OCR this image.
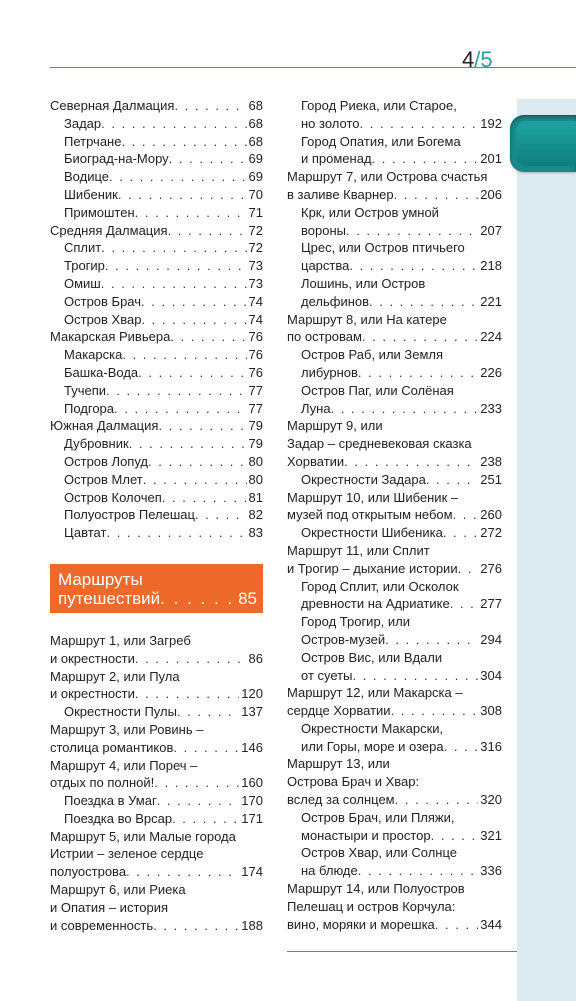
4/5
Северная Далмация . . .	68
Задар . . .	68
Петрчане . . .	68
Биоград-на-Мору . . .	69
Водице . . .	69
Шибеник . . .	70
Примоштен . . .	71
Средняя Далмация . . .	72
Сплит . . .	72
Трогир . . .	73
Омиш . . .	73
Остров Брач . . .	74
Остров Хвар . . .	74
Макарская Ривьера . . .	76
Макарска . . .	76
Башка-Вода . . .	76
Тучепи . . .	77
Подгора . . .	77
Южная Далмация . . .	79
Дубровник . . .	79
Остров Лопуд . . .	80
Остров Млет . . .	80
Остров Колочеп . . .	81
Полуостров Пелешац . . .	82
Цавтат . . .	83
Маршруты
путешествий . . .	85
Маршрут 1, или Загреб
и окрестности . . .	86
Маршрут 2, или Пула
и окрестности . . .	120
Окрестности Пулы . . .	137
Маршрут 3, или Ровинь –
столица романтиков . . .	146
Маршрут 4, или Пореч –
отдых по полной! . . .	160
Поездка в Умаг . . .	170
Поездка во Врсар . . .	171
Маршрут 5, или Малые города
Истрии – зеленое сердце
полуострова . . .	174
Маршрут 6, или Риека
и Опатия – история
и современность . . .	188
Город Риека, или Старое,
но золото . . .	192
Город Опатия, или Богема
и променад . . .	201
Маршрут 7, или Острова счастья
в заливе Кварнер . . .	206
Крк, или Остров умной
вороны . . .	207
Црес, или Остров птичьего
царства . . .	218
Лошинь, или Остров
дельфинов . . .	221
Маршрут 8, или На катере
по островам . . .	224
Остров Раб, или Земля
либурнов . . .	226
Остров Паг, или Солёная
Луна . . .	233
Маршрут 9, или
Задар – средневековая сказка
Хорватии . . .	238
Окрестности Задара . . .	251
Маршрут 10, или Шибеник –
музей под открытым небом . . . 260
Окрестности Шибеника . . .	272
Маршрут 11, или Сплит
и Трогир – дыхание истории . . . 276
Город Сплит, или Осколок
древности на Адриатике . . . 277
Город Трогир, или
Остров-музей . . .	294
Остров Вис, или Вдали
от суеты . . .	304
Маршрут 12, или Макарска –
сердце Хорватии . . .	308
Окрестности Макарски,
или Горы, море и озера . . .	316
Маршрут 13, или
Острова Брач и Хвар:
вслед за солнцем . . .	320
Остров Брач, или Пляжи,
монастыри и простор . . .	321
Остров Хвар, или Солнце
на блюде . . .	336
Маршрут 14, или Полуостров
Пелешац и остров Корчула:
вино, моряки и морешка . . .	344
